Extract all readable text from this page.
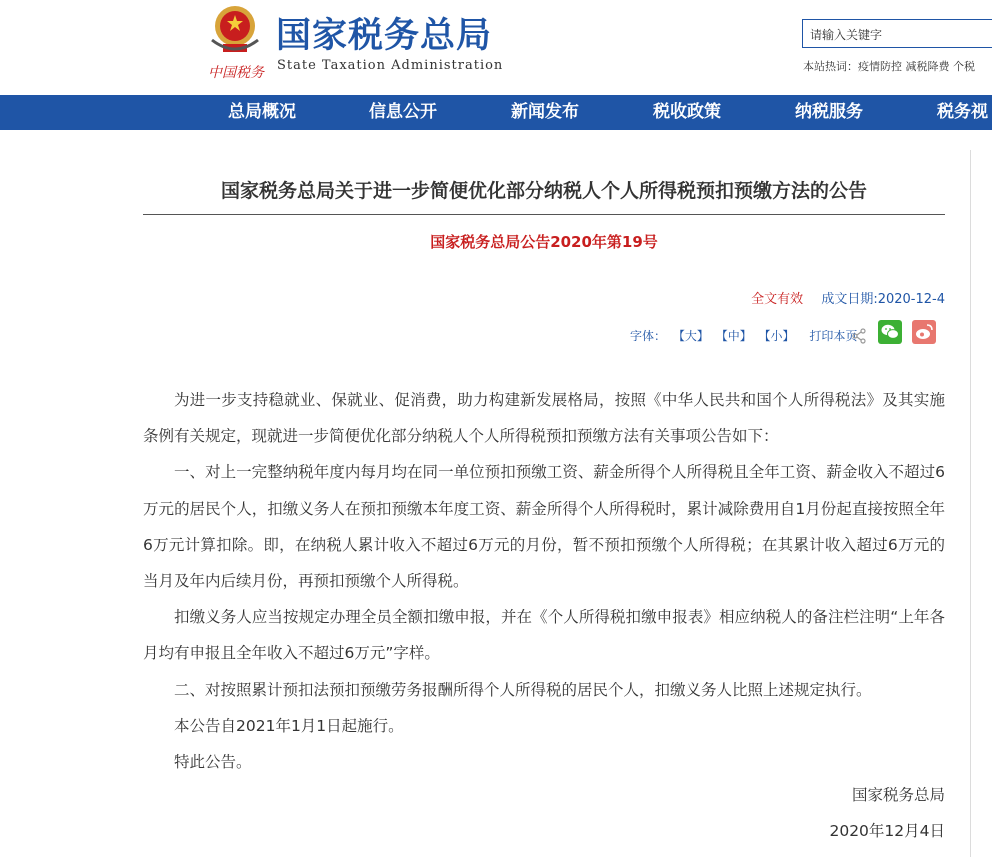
中国税务
国家税务总局
State Taxation Administration
请输入关键字
本站热词：疫情防控 减税降费 个税
总局概况	信息公开	新闻发布	税收政策	纳税服务	税务视
国家税务总局关于进一步简便优化部分纳税人个人所得税预扣预缴方法的公告
国家税务总局公告2020年第19号
全文有效 成文日期:2020-12-4
字体： 【大】 【中】 【小】 打印本页

为进一步支持稳就业、保就业、促消费，助力构建新发展格局，按照《中华人民共和国个人所得税法》及其实施条例有关规定，现就进一步简便优化部分纳税人个人所得税预扣预缴方法有关事项公告如下：

一、对上一完整纳税年度内每月均在同一单位预扣预缴工资、薪金所得个人所得税且全年工资、薪金收入不超过6万元的居民个人，扣缴义务人在预扣预缴本年度工资、薪金所得个人所得税时，累计减除费用自1月份起直接按照全年6万元计算扣除。即，在纳税人累计收入不超过6万元的月份，暂不预扣预缴个人所得税；在其累计收入超过6万元的当月及年内后续月份，再预扣预缴个人所得税。

扣缴义务人应当按规定办理全员全额扣缴申报，并在《个人所得税扣缴申报表》相应纳税人的备注栏注明“上年各月均有申报且全年收入不超过6万元”字样。

二、对按照累计预扣法预扣预缴劳务报酬所得个人所得税的居民个人，扣缴义务人比照上述规定执行。

本公告自2021年1月1日起施行。

特此公告。

国家税务总局
2020年12月4日
